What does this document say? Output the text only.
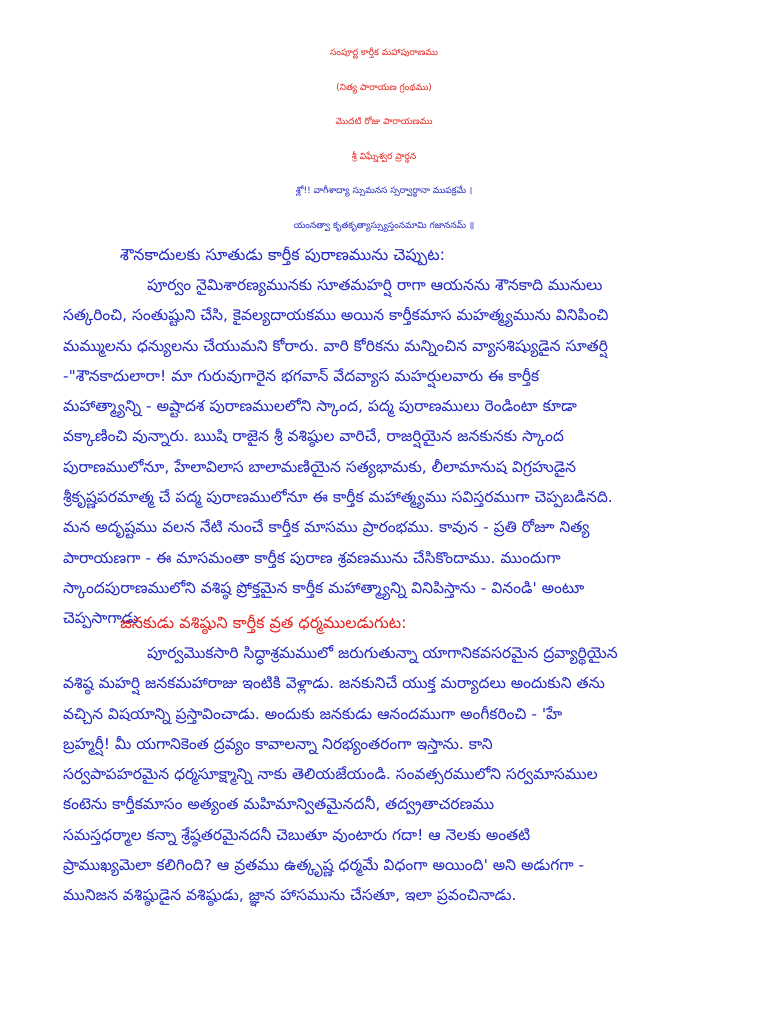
సంపూర్ణ కార్తీక మహాపురాణము

(నిత్య పారాయణ గ్రంథము)

మొదటి రోజు పారాయణము

శ్రీ విఘ్నేశ్వర ప్రార్థన

శ్లో!! వాగీశాద్యా స్సుమనస స్సర్వార్థానా ముపక్రమే ।

యంనత్వా కృతకృత్యాస్స్యుస్తంనమామి గజాననమ్ ॥

శౌనకాదులకు సూతుడు కార్తీక పురాణమును చెప్పుట:

పూర్వం నైమిశారణ్యమునకు సూతమహర్షి రాగా ఆయనను శౌనకాది మునులు

సత్కరించి, సంతుష్టుని చేసి, కైవల్యదాయకము అయిన కార్తీకమాస మహత్మ్యమును వినిపించి

మమ్ములను ధన్యులను చేయుమని కోరారు. వారి కోరికను మన్నించిన వ్యాసశిష్యుడైన సూతర్షి

-"శౌనకాదులారా! మా గురువుగారైన భగవాన్ వేదవ్యాస మహర్షులవారు ఈ కార్తీక

మహాత్మ్యాన్ని - అష్టాదశ పురాణములలోని స్కాంద, పద్మ పురాణములు రెండింటా కూడా

వక్కాణించి వున్నారు. ఋషి రాజైన శ్రీ వశిష్ఠుల వారిచే, రాజర్షియైన జనకునకు స్కాంద

పురాణములోనూ, హేలావిలాస బాలామణియైన సత్యభామకు, లీలామానుష విగ్రహుడైన

శ్రీకృష్ణపరమాత్మ చే పద్మ పురాణములోనూ ఈ కార్తీక మహాత్మ్యము సవిస్తరముగా చెప్పబడినది.

మన అదృష్టము వలన నేటి నుంచే కార్తీక మాసము ప్రారంభము. కావున - ప్రతి రోజూ నిత్య

పారాయణగా - ఈ మాసమంతా కార్తీక పురాణ శ్రవణమును చేసికొందాము. ముందుగా

స్కాందపురాణములోని వశిష్ఠ ప్రోక్తమైన కార్తీక మహాత్మ్యాన్ని వినిపిస్తాను - వినండి' అంటూ

చెప్పసాగాడు.

జనకుడు వశిష్ఠుని కార్తీక వ్రత ధర్మములడుగుట:

పూర్వమొకసారి సిద్ధాశ్రమములో జరుగుతున్నా యాగానికవసరమైన ద్రవ్యార్థియైన

వశిష్ఠ మహర్షి జనకమహారాజు ఇంటికి వెళ్లాడు. జనకునిచే యుక్త మర్యాదలు అందుకుని తను

వచ్చిన విషయాన్ని ప్రస్తావించాడు. అందుకు జనకుడు ఆనందముగా అంగీకరించి - 'హే

బ్రహ్మర్షీ! మీ యగానికెంత ద్రవ్యం కావాలన్నా నిరభ్యంతరంగా ఇస్తాను. కాని

సర్వపాపహరమైన ధర్మసూక్ష్మాన్ని నాకు తెలియజేయండి. సంవత్సరములోని సర్వమాసముల

కంటెను కార్తీకమాసం అత్యంత మహిమాన్వితమైనదనీ, తద్వ్రతాచరణము

సమస్తధర్మాల కన్నా శ్రేష్ఠతరమైనదనీ చెబుతూ వుంటారు గదా! ఆ నెలకు అంతటి

ప్రాముఖ్యమెలా కలిగింది? ఆ వ్రతము ఉత్కృష్ణ ధర్మమే విధంగా అయింది' అని అడుగగా -

మునిజన వశిష్ఠుడైన వశిష్ఠుడు, జ్ఞాన హాసమును చేసతూ, ఇలా ప్రవంచినాడు.
